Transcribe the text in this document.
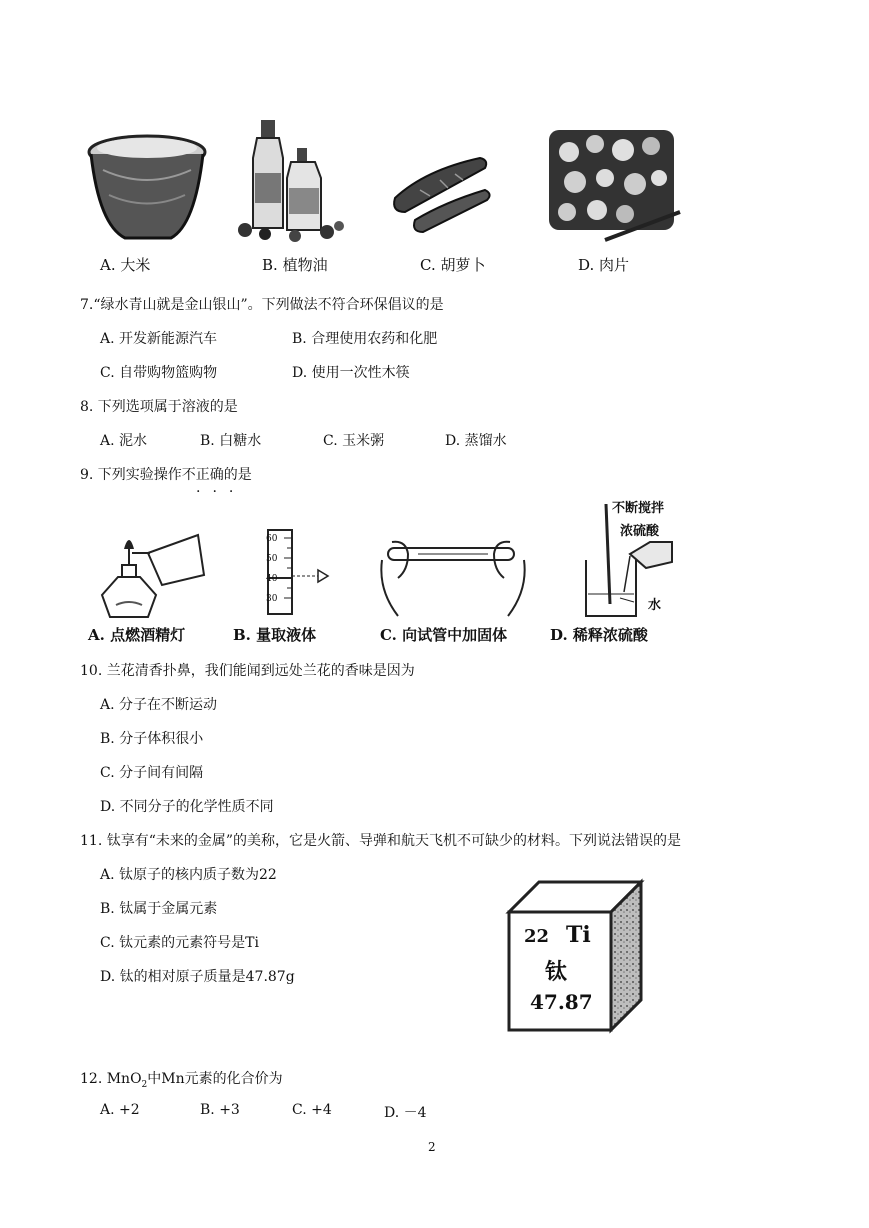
A. 大米	B. 植物油	C. 胡萝卜	D. 肉片
7.“绿水青山就是金山银山”。下列做法不符合环保倡议的是
A. 开发新能源汽车	B. 合理使用农药和化肥
C. 自带购物篮购物	D. 使用一次性木筷
8. 下列选项属于溶液的是
A. 泥水	B. 白糖水	C. 玉米粥	D. 蒸馏水
9. 下列实验操作不正确的是
...
60
50
40
30
不断搅拌
浓硫酸
水
A. 点燃酒精灯	B. 量取液体	C. 向试管中加固体	D. 稀释浓硫酸
10. 兰花清香扑鼻，我们能闻到远处兰花的香味是因为
A. 分子在不断运动
B. 分子体积很小
C. 分子间有间隔
D. 不同分子的化学性质不同
11. 钛享有“未来的金属”的美称，它是火箭、导弹和航天飞机不可缺少的材料。下列说法错误的是
A. 钛原子的核内质子数为22
B. 钛属于金属元素
C. 钛元素的元素符号是Ti
D. 钛的相对原子质量是47.87g
22 Ti
钛
47.87
12. MnO$_2$中Mn元素的化合价为
A. +2	B. +3	C. +4	D. －4
2
